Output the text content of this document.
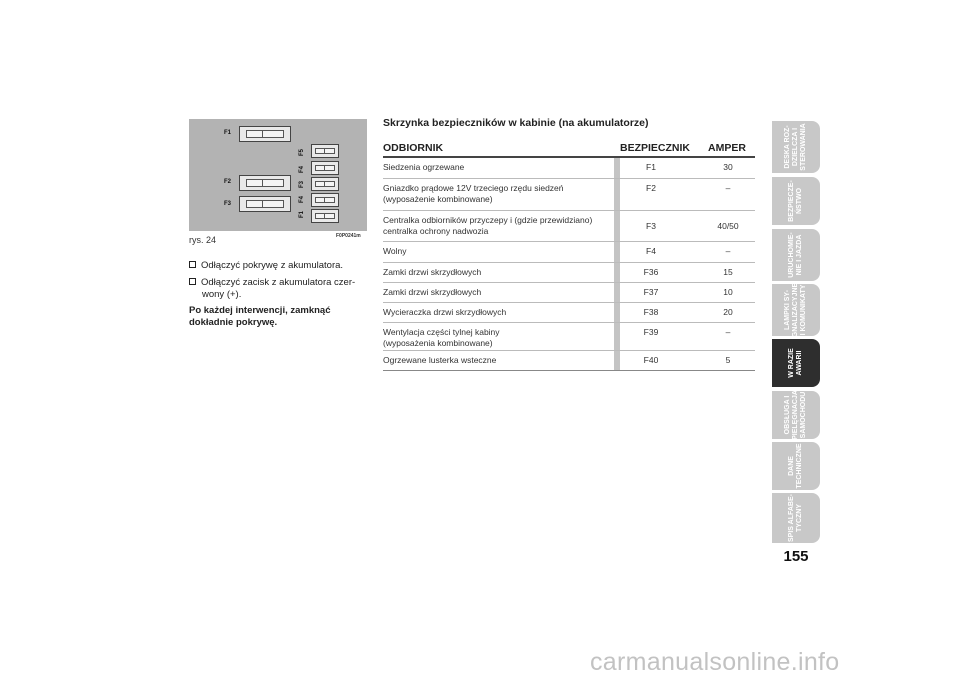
F1
F2
F3
F5
F4
F3
F4
F1
rys. 24	F0P0241m
Odłączyć pokrywę z akumulatora.
Odłączyć zacisk z akumulatora czer-
wony (+).
Po każdej interwencji, zamknąć
dokładnie pokrywę.
Skrzynka bezpieczników w kabinie (na akumulatorze)
ODBIORNIK	BEZPIECZNIK AMPER
Siedzenia ogrzewane	F1	30
Gniazdko prądowe 12V trzeciego rzędu siedzeń
(wyposażenie kombinowane)
F2	–
Centralka odbiorników przyczepy i (gdzie przewidziano)
centralka ochrony nadwozia	F3	40/50
Wolny	F4	–
Zamki drzwi skrzydłowych	F36	15
Zamki drzwi skrzydłowych	F37	10
Wycieraczka drzwi skrzydłowych	F38	20
Wentylacja części tylnej kabiny
(wyposażenia kombinowane)
F39	–
Ogrzewane lusterka wsteczne	F40	5
DESKA ROZ-
DZIELCZA I
STEROWANIA
BEZPIECZE-
ŃSTWO
URUCHOMIE-
NIE I JAZDA
LAMPKI SY-
GNALIZACYJNE
I KOMUNIKATY
W RAZIE
AWARII
OBSŁUGA I
PIELĘGNACJA
SAMOCHODU
DANE
TECHNICZNE
SPIS ALFABE-
TYCZNY
155
carmanualsonline.info
